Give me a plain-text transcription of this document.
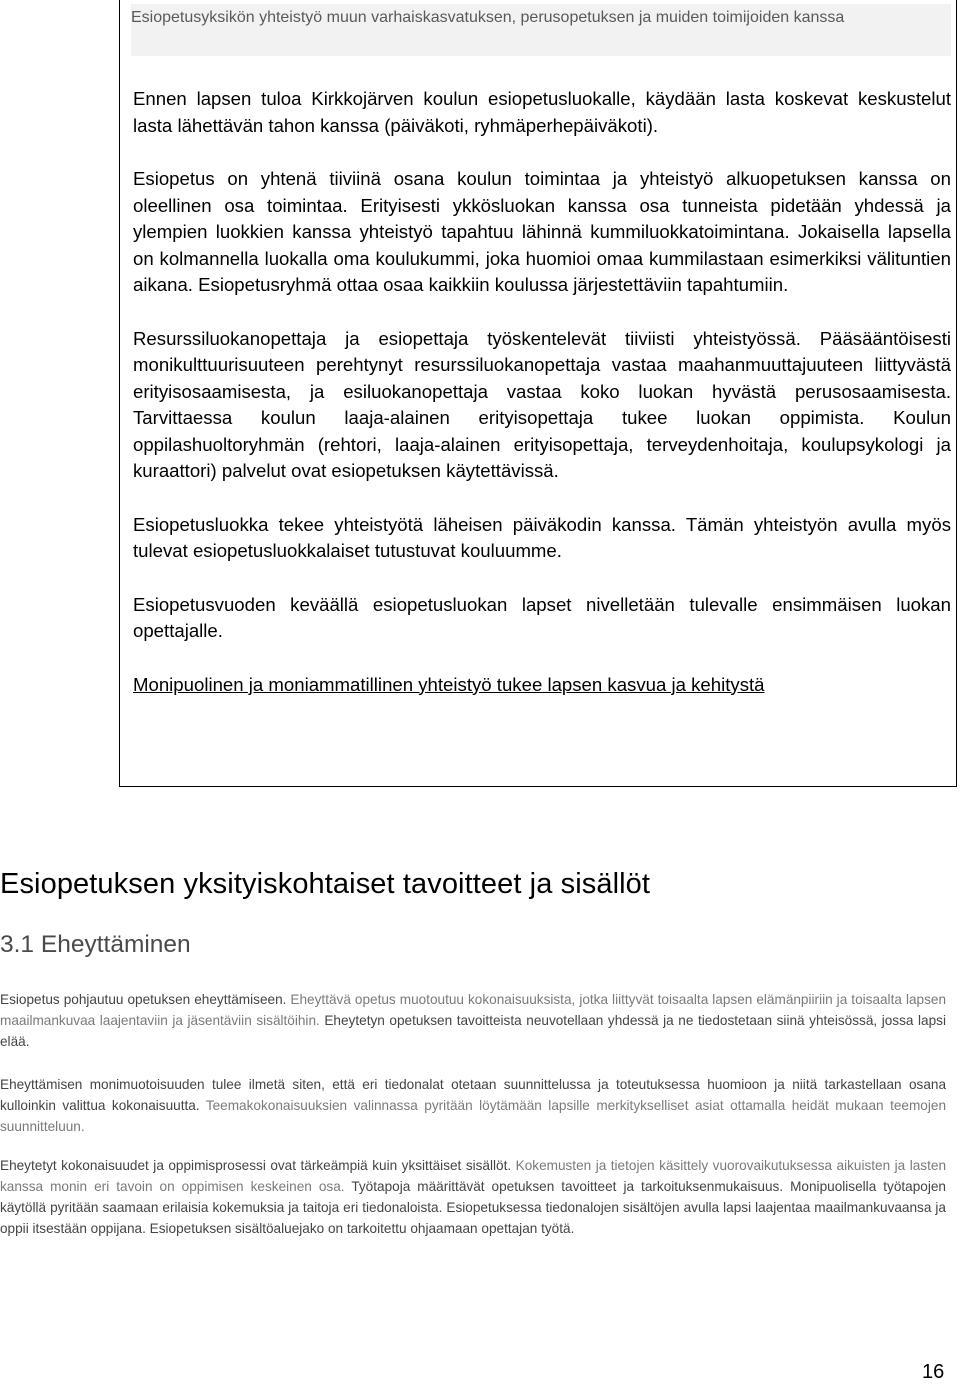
Esiopetusyksikön yhteistyö muun varhaiskasvatuksen, perusopetuksen ja muiden toimijoiden kanssa

Ennen lapsen tuloa Kirkkojärven koulun esiopetusluokalle, käydään lasta koskevat keskustelut lasta lähettävän tahon kanssa (päiväkoti, ryhmäperhepäiväkoti).

Esiopetus on yhtenä tiiviinä osana koulun toimintaa ja yhteistyö alkuopetuksen kanssa on oleellinen osa toimintaa. Erityisesti ykkösluokan kanssa osa tunneista pidetään yhdessä ja ylempien luokkien kanssa yhteistyö tapahtuu lähinnä kummiluokkatoimintana. Jokaisella lapsella on kolmannella luokalla oma koulukummi, joka huomioi omaa kummilastaan esimerkiksi välituntien aikana. Esiopetusryhmä ottaa osaa kaikkiin koulussa järjestettäviin tapahtumiin.

Resurssiluokanopettaja ja esiopettaja työskentelevät tiiviisti yhteistyössä. Pääsääntöisesti monikulttuurisuuteen perehtynyt resurssiluokanopettaja vastaa maahanmuuttajuuteen liittyvästä erityisosaamisesta, ja esiluokanopettaja vastaa koko luokan hyvästä perusosaamisesta. Tarvittaessa koulun laaja-alainen erityisopettaja tukee luokan oppimista. Koulun oppilashuoltoryhmän (rehtori, laaja-alainen erityisopettaja, terveydenhoitaja, koulupsykologi ja kuraattori) palvelut ovat esiopetuksen käytettävissä.

Esiopetusluokka tekee yhteistyötä läheisen päiväkodin kanssa. Tämän yhteistyön avulla myös tulevat esiopetusluokkalaiset tutustuvat kouluumme.

Esiopetusvuoden keväällä esiopetusluokan lapset nivelletään tulevalle ensimmäisen luokan opettajalle.

Monipuolinen ja moniammatillinen yhteistyö tukee lapsen kasvua ja kehitystä

Esiopetuksen yksityiskohtaiset tavoitteet ja sisällöt
3.1 Eheyttäminen

Esiopetus pohjautuu opetuksen eheyttämiseen. Eheyttävä opetus muotoutuu kokonaisuuksista, jotka liittyvät toisaalta lapsen elämänpiiriin ja toisaalta lapsen maailmankuvaa laajentaviin ja jäsentäviin sisältöihin. Eheytetyn opetuksen tavoitteista neuvotellaan yhdessä ja ne tiedostetaan siinä yhteisössä, jossa lapsi elää.

Eheyttämisen monimuotoisuuden tulee ilmetä siten, että eri tiedonalat otetaan suunnittelussa ja toteutuksessa huomioon ja niitä tarkastellaan osana kulloinkin valittua kokonaisuutta. Teemakokonaisuuksien valinnassa pyritään löytämään lapsille merkitykselliset asiat ottamalla heidät mukaan teemojen suunnitteluun.

Eheytetyt kokonaisuudet ja oppimisprosessi ovat tärkeämpiä kuin yksittäiset sisällöt. Kokemusten ja tietojen käsittely vuorovaikutuksessa aikuisten ja lasten kanssa monin eri tavoin on oppimisen keskeinen osa. Työtapoja määrittävät opetuksen tavoitteet ja tarkoituksenmukaisuus. Monipuolisella työtapojen käytöllä pyritään saamaan erilaisia kokemuksia ja taitoja eri tiedonaloista. Esiopetuksessa tiedonalojen sisältöjen avulla lapsi laajentaa maailmankuvaansa ja oppii itsestään oppijana. Esiopetuksen sisältöaluejako on tarkoitettu ohjaamaan opettajan työtä.

16
